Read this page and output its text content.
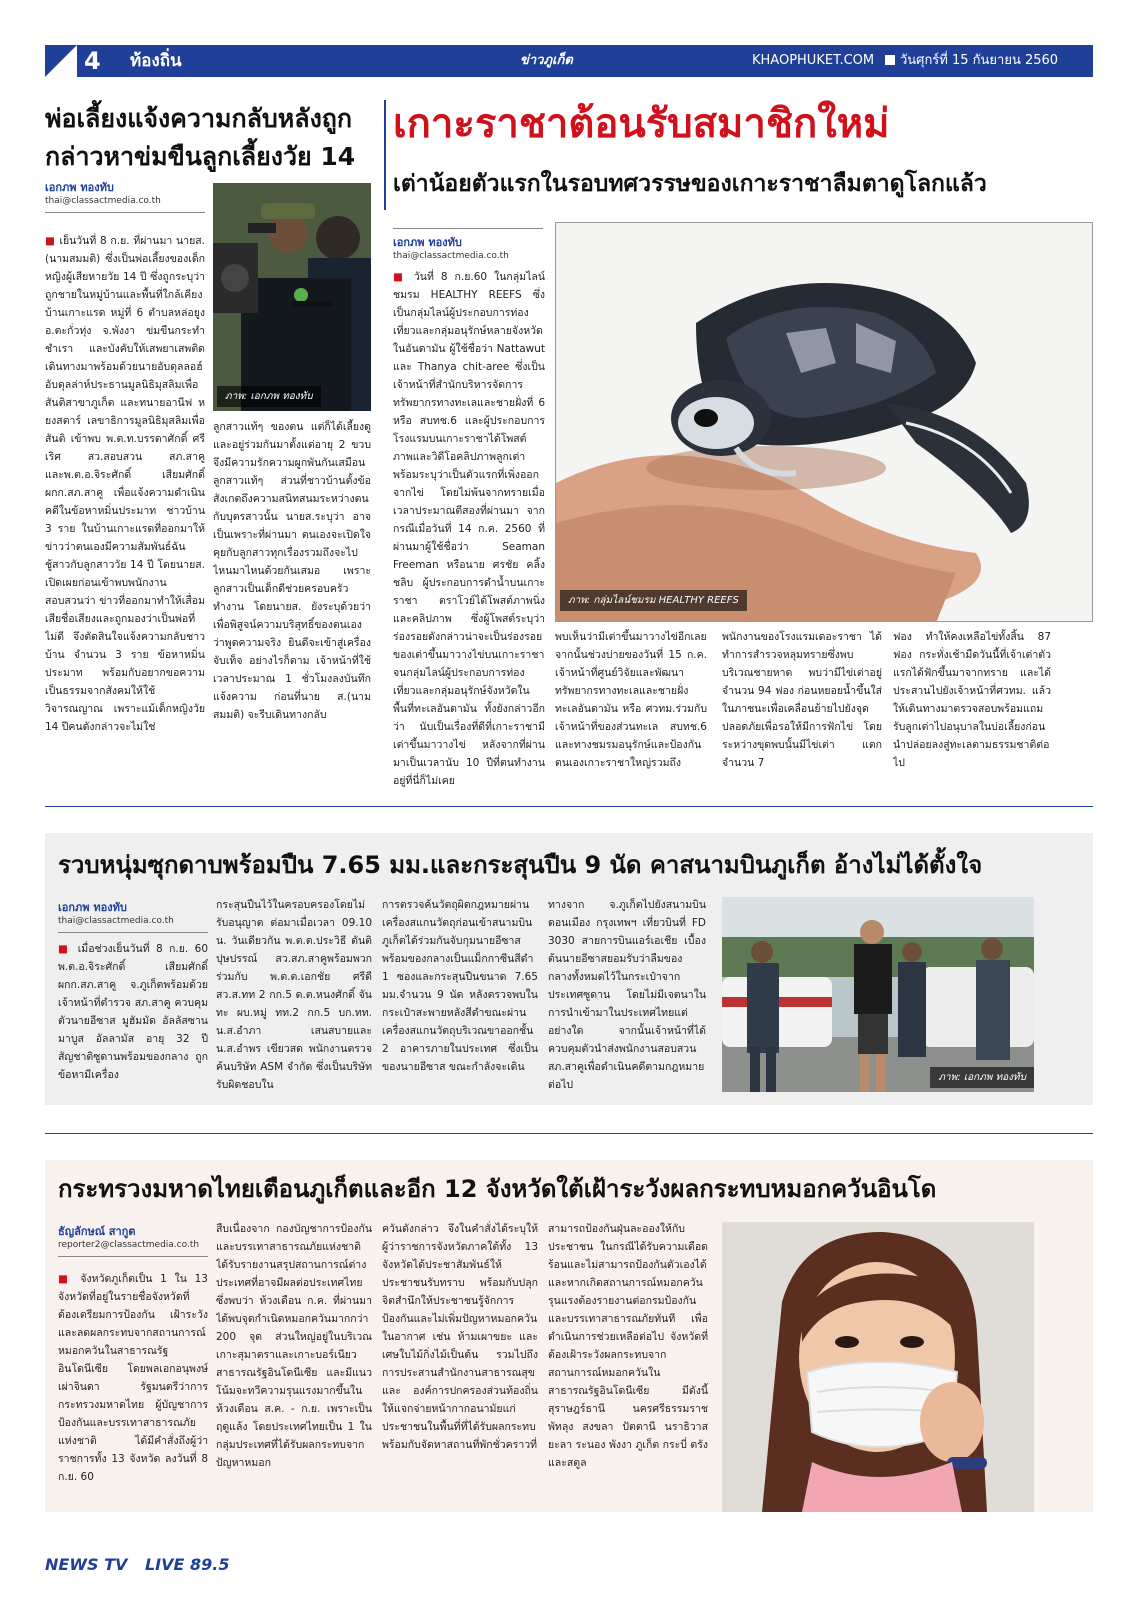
4 ท้องถิ่น	ข่าวภูเก็ต	KHAOPHUKET.COM วันศุกร์ที่ 15 กันยายน 2560
พ่อเลี้ยงแจ้งความกลับหลังถูกกล่าวหาข่มขืนลูกเลี้ยงวัย 14
เอกภพ ทองทับ
thai@classactmedia.co.th
■ เย็นวันที่ 8 ก.ย. ที่ผ่านมา นายส. (นามสมมติ) ซึ่งเป็นพ่อเลี้ยงของเด็กหญิงผู้เสียหายวัย 14 ปี ซึ่งถูกระบุว่าถูกชายในหมู่บ้านและพื้นที่ใกล้เคียงบ้านเกาะแรด หมู่ที่ 6 ตำบลหล่อยูง อ.ตะกั่วทุ่ง จ.พังงา ข่มขืนกระทำชำเรา และบังคับให้เสพยาเสพติด เดินทางมาพร้อมด้วยนายอับดุลลอฮ์ อับดุลล่าห์ประธานมูลนิธิมุสลิมเพื่อสันติสาขาภูเก็ต และทนายอานีฟ หยงสตาร์ เลขาธิการมูลนิธิมุสลิมเพื่อสันติ เข้าพบ พ.ต.ท.บรรดาศักดิ์ ศรีเริศ สว.สอบสวน สภ.สาคู และพ.ต.อ.จิระศักดิ์ เสียมศักดิ์ ผกก.สภ.สาคู เพื่อแจ้งความดำเนินคดีในข้อหาหมิ่นประมาท ชาวบ้าน 3 ราย ในบ้านเกาะแรดที่ออกมาให้ข่าวว่าตนเองมีความสัมพันธ์ฉันชู้สาวกับลูกสาววัย 14 ปี โดยนายส. เปิดเผยก่อนเข้าพบพนักงานสอบสวนว่า ข่าวที่ออกมาทำให้เสื่อมเสียชื่อเสียงและถูกมองว่าเป็นพ่อที่ไม่ดี จึงตัดสินใจแจ้งความกลับชาวบ้าน จำนวน 3 ราย ข้อหาหมิ่นประมาท พร้อมกับอยากขอความเป็นธรรมจากสังคมให้ใช้วิจารณญาณ เพราะแม้เด็กหญิงวัย 14 ปีคนดังกล่าวจะไม่ใช่
ภาพ: เอกภพ ทองทับ
ลูกสาวแท้ๆ ของตน แต่ก็ได้เลี้ยงดูและอยู่ร่วมกันมาตั้งแต่อายุ 2 ขวบ จึงมีความรักความผูกพันกันเสมือนลูกสาวแท้ๆ ส่วนที่ชาวบ้านตั้งข้อสังเกตถึงความสนิทสนมระหว่างตนกับบุตรสาวนั้น นายส.ระบุว่า อาจเป็นเพราะที่ผ่านมา ตนเองจะเปิดใจคุยกับลูกสาวทุกเรื่องรวมถึงจะไปไหนมาไหนด้วยกันเสมอ เพราะลูกสาวเป็นเด็กดีช่วยครอบครัวทำงาน โดยนายส. ยังระบุด้วยว่า เพื่อพิสูจน์ความบริสุทธิ์ของตนเองว่าพูดความจริง ยินดีจะเข้าสู่เครื่องจับเท็จ อย่างไรก็ตาม เจ้าหน้าที่ใช้เวลาประมาณ 1 ชั่วโมงลงบันทึกแจ้งความ ก่อนที่นาย ส.(นามสมมติ) จะรีบเดินทางกลับ
เกาะราชาต้อนรับสมาชิกใหม่
เต่าน้อยตัวแรกในรอบทศวรรษของเกาะราชาลืมตาดูโลกแล้ว
เอกภพ ทองทับ
thai@classactmedia.co.th
■ วันที่ 8 ก.ย.60 ในกลุ่มไลน์ชมรม HEALTHY REEFS ซึ่งเป็นกลุ่มไลน์ผู้ประกอบการท่องเที่ยวและกลุ่มอนุรักษ์หลายจังหวัดในอันดามัน ผู้ใช้ชื่อว่า Nattawut และ Thanya chit-aree ซึ่งเป็นเจ้าหน้าที่สำนักบริหารจัดการทรัพยากรทางทะเลและชายฝั่งที่ 6 หรือ สบทช.6 และผู้ประกอบการโรงแรมบนเกาะราชาได้โพสต์ภาพและวิดีโอคลิปภาพลูกเต่าพร้อมระบุว่าเป็นตัวแรกที่เพิ่งออกจากไข่ โดยไม่พ้นจากทรายเมื่อเวลาประมาณตีสองที่ผ่านมา จากกรณีเมื่อวันที่ 14 ก.ค. 2560 ที่ผ่านมาผู้ใช้ชื่อว่า Seaman Freeman หรือนาย ศรชัย คลิ้งชลิบ ผู้ประกอบการดำน้ำบนเกาะราชา ตราโวย์ได้โพสต์ภาพนิ่งและคลิปภาพ ซึ่งผู้โพสต์ระบุว่า ร่องรอยดังกล่าวน่าจะเป็นร่องรอยของเต่าขึ้นมาวางไข่บนเกาะราชาจนกลุ่มไลน์ผู้ประกอบการท่องเที่ยวและกลุ่มอนุรักษ์จังหวัดในพื้นที่ทะเลอันดามัน ทั้งยังกล่าวอีกว่า นับเป็นเรื่องที่ดีที่เกาะราชามีเต่าขึ้นมาวางไข่ หลังจากที่ผ่านมาเป็นเวลานับ 10 ปีที่ตนทำงานอยู่ที่นี่ก็ไม่เคย
ภาพ: กลุ่มไลน์ชมรม HEALTHY REEFS
พบเห็นว่ามีเต่าขึ้นมาวางไข่อีกเลย จากนั้นช่วงบ่ายของวันที่ 15 ก.ค. เจ้าหน้าที่ศูนย์วิจัยและพัฒนาทรัพยากรทางทะเลและชายฝั่งทะเลอันดามัน หรือ ศวทม.ร่วมกับเจ้าหน้าที่ของส่วนทะเล สบทช.6 และทางชมรมอนุรักษ์และป้องกันตนเองเกาะราชาใหญ่รวมถึง
พนักงานของโรงแรมเดอะราชา ได้ทำการสำรวจหลุมทรายซึ่งพบบริเวณชายหาด พบว่ามีไข่เต่าอยู่จำนวน 94 ฟอง ก่อนหยอยน้ำขึ้นใส่ในภาชนะเพื่อเคลื่อนย้ายไปยังจุดปลอดภัยเพื่อรอให้มีการฟักไข่ โดยระหว่างขุดพบนั้นมีไข่เต่า แตกจำนวน 7
ฟอง ทำให้คงเหลือไข่ทั้งสิ้น 87 ฟอง กระทั่งเช้ามืดวันนี้ที่เจ้าเต่าตัวแรกได้ฟักขึ้นมาจากทราย และได้ประสานไปยังเจ้าหน้าที่ศวทม. แล้วให้เดินทางมาตรวจสอบพร้อมแถมรับลูกเต่าไปอนุบาลในบ่อเลี้ยงก่อนนำปล่อยลงสู่ทะเลตามธรรมชาติต่อไป
รวบหนุ่มซุกดาบพร้อมปืน 7.65 มม.และกระสุนปืน 9 นัด คาสนามบินภูเก็ต อ้างไม่ได้ตั้งใจ
เอกภพ ทองทับ
thai@classactmedia.co.th
■ เมื่อช่วงเย็นวันที่ 8 ก.ย. 60 พ.ต.อ.จิระศักดิ์ เสียมศักดิ์ ผกก.สภ.สาคู จ.ภูเก็ตพร้อมด้วยเจ้าหน้าที่ตำรวจ สภ.สาคู ควบคุมตัวนายอีซาส มูฮัมมัด อัลลัสซาน มาบูส อัลลามัส อายุ 32 ปี สัญชาติซูดานพร้อมของกลาง ถูกข้อหามีเครื่อง
กระสุนปืนไว้ในครอบครองโดยไม่รับอนุญาต ต่อมาเมื่อเวลา 09.10 น. วันเดียวกัน พ.ต.ต.ประวิธี ตันติปุษปรรณ์ สว.สภ.สาคูพร้อมพวกร่วมกับ พ.ต.ต.เอกชัย ศรีดี สว.ส.ทท 2 กก.5 ด.ต.หนงศักดิ์ จันทะ ผบ.หมู่ ทท.2 กก.5 บก.ทท. น.ส.อำภา เสนสบายและ น.ส.อำพร เขียวสด พนักงานตรวจค้นบริษัท ASM จำกัด ซึ่งเป็นบริษัทรับผิดชอบใน
การตรวจค้นวัตถุผิดกฎหมายผ่านเครื่องสแกนวัตถุก่อนเข้าสนามบินภูเก็ตได้ร่วมกันจับกุมนายอีซาส พร้อมของกลางเป็นแม็กกาซีนสีดำ 1 ซองและกระสุนปืนขนาด 7.65 มม.จำนวน 9 นัด หลังตรวจพบในกระเป๋าสะพายหลังสีดำขณะผ่านเครื่องสแกนวัตถุบริเวณขาออกชั้น 2 อาคารภายในประเทศ ซึ่งเป็นของนายอีซาส ขณะกำลังจะเดิน
ทางจาก จ.ภูเก็ตไปยังสนามบินดอนเมือง กรุงเทพฯ เที่ยวบินที่ FD 3030 สายการบินแอร์เอเชีย เบื้องต้นนายอีซาสยอมรับว่าลืมของกลางทั้งหมดไว้ในกระเป๋าจากประเทศซูดาน โดยไม่มีเจตนาในการนำเข้ามาในประเทศไทยแต่อย่างใด จากนั้นเจ้าหน้าที่ได้ควบคุมตัวนำส่งพนักงานสอบสวน สภ.สาคูเพื่อดำเนินคดีตามกฎหมายต่อไป
ภาพ: เอกภพ ทองทับ
กระทรวงมหาดไทยเตือนภูเก็ตและอีก 12 จังหวัดใต้เฝ้าระวังผลกระทบหมอกควันอินโด
ธัญลักษณ์ สากูต
reporter2@classactmedia.co.th
■ จังหวัดภูเก็ตเป็น 1 ใน 13 จังหวัดที่อยู่ในรายชื่อจังหวัดที่ต้องเตรียมการป้องกัน เฝ้าระวังและลดผลกระทบจากสถานการณ์หมอกควันในสาธารณรัฐอินโดนีเซีย โดยพลเอกอนุพงษ์ เผ่าจินดา รัฐมนตรีว่าการกระทรวงมหาดไทย ผู้บัญชาการป้องกันและบรรเทาสาธารณภัยแห่งชาติ ได้มีคำสั่งถึงผู้ว่าราชการทั้ง 13 จังหวัด ลงวันที่ 8 ก.ย. 60
สืบเนื่องจาก กองบัญชาการป้องกันและบรรเทาสาธารณภัยแห่งชาติ ได้รับรายงานสรุปสถานการณ์ต่างประเทศที่อาจมีผลต่อประเทศไทย ซึ่งพบว่า ห้วงเดือน ก.ค. ที่ผ่านมาได้พบจุดกำเนิดหมอกควันมากกว่า 200 จุด ส่วนใหญ่อยู่ในบริเวณ เกาะสุมาตราและเกาะบอร์เนียว สาธารณรัฐอินโดนีเซีย และมีแนวโน้มจะทวีความรุนแรงมากขึ้นในห้วงเดือน ส.ค. - ก.ย. เพราะเป็นฤดูแล้ง โดยประเทศไทยเป็น 1 ในกลุ่มประเทศที่ได้รับผลกระทบจากปัญหาหมอก
ควันดังกล่าว จึงในคำสั่งได้ระบุให้ผู้ว่าราชการจังหวัดภาคใต้ทั้ง 13 จังหวัดได้ประชาสัมพันธ์ให้ประชาชนรับทราบ พร้อมกับปลุกจิตสำนึกให้ประชาชนรู้จักการป้องกันและไม่เพิ่มปัญหาหมอกควัน ในอากาศ เช่น ห้ามเผาขยะ และเศษใบไม้กิ่งไม้เป็นต้น รวมไปถึงการประสานสำนักงานสาธารณสุขและ องค์การปกครองส่วนท้องถิ่นให้แจกจ่ายหน้ากากอนามัยแก่ประชาชนในพื้นที่ที่ได้รับผลกระทบ พร้อมกับจัดหาสถานที่พักชั่วคราวที่
สามารถป้องกันฝุ่นละอองให้กับประชาชน ในกรณีได้รับความเดือดร้อนและไม่สามารถป้องกันตัวเองได้ และหากเกิดสถานการณ์หมอกควันรุนแรงต้องรายงานต่อกรมป้องกันและบรรเทาสาธารณภัยทันที เพื่อดำเนินการช่วยเหลือต่อไป จังหวัดที่ต้องเฝ้าระวังผลกระทบจากสถานการณ์หมอกควันในสาธารณรัฐอินโดนีเซีย มีดังนี้ สุราษฎร์ธานี นครศรีธรรมราช พัทลุง สงขลา ปัตตานี นราธิวาส ยะลา ระนอง พังงา ภูเก็ต กระบี่ ตรัง และสตูล
NEWS TV LIVE 89.5
